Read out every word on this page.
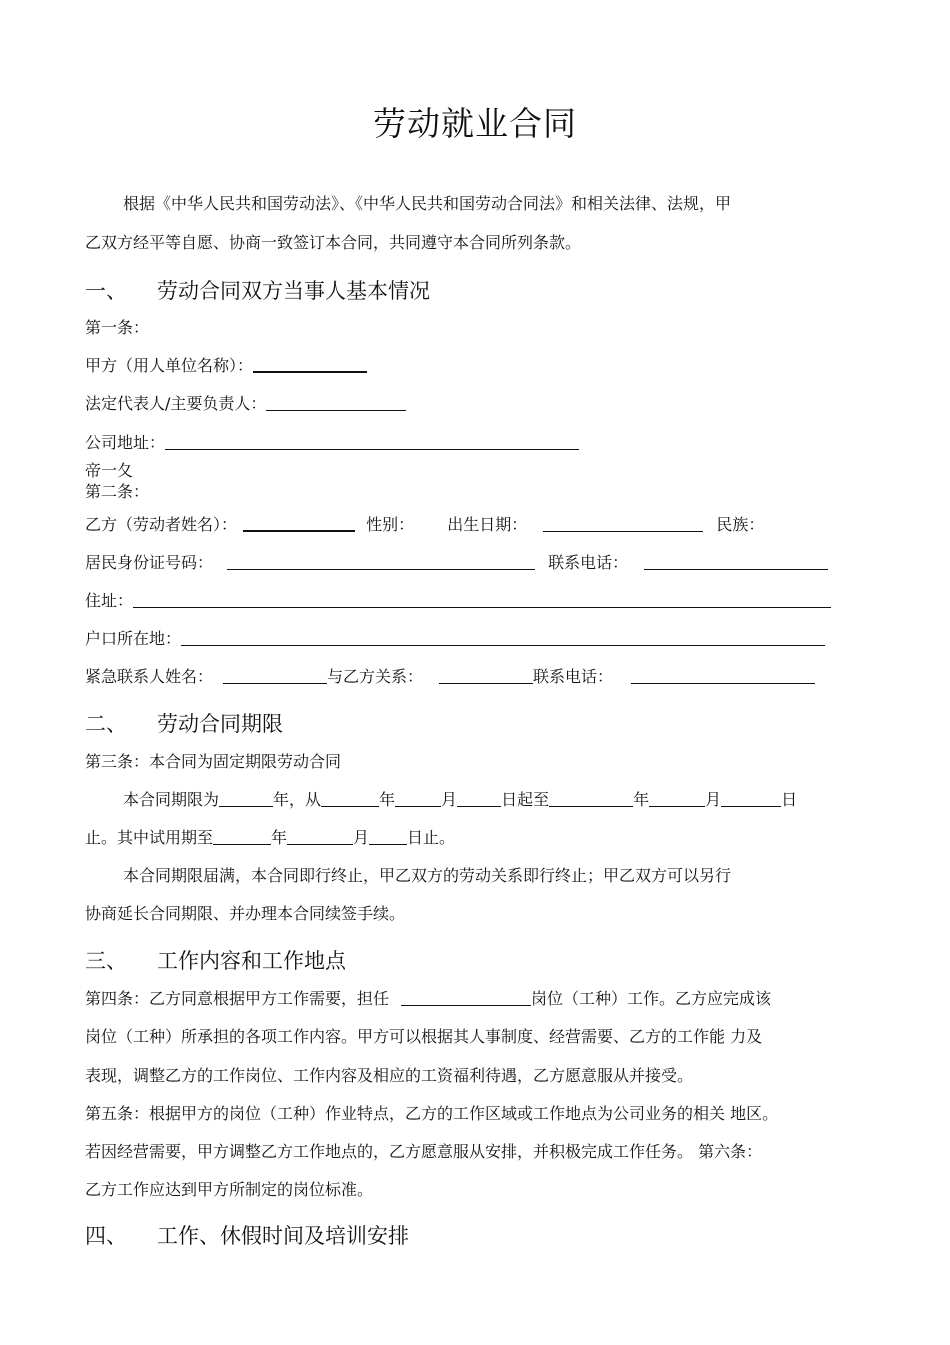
劳动就业合同
根据《中华人民共和国劳动法》、《中华人民共和国劳动合同法》和相关法律、法规，甲
乙双方经平等自愿、协商一致签订本合同，共同遵守本合同所列条款。
一、 劳动合同双方当事人基本情况
第一条：
甲方（用人单位名称）：
法定代表人/主要负责人：
公司地址：
帝一夂
第二条：
乙方（劳动者姓名）：	性别： 出生日期：	民族：
居民身份证号码：	联系电话：
住址：
户口所在地：
紧急联系人姓名：	与乙方关系：	联系电话：
二、 劳动合同期限
第三条：本合同为固定期限劳动合同
本合同期限为	年，从	年	月	日起至	年	月	日
止。其中试用期至	年	月 日止。
本合同期限届满，本合同即行终止，甲乙双方的劳动关系即行终止；甲乙双方可以另行
协商延长合同期限、并办理本合同续签手续。
三、 工作内容和工作地点
第四条：乙方同意根据甲方工作需要，担任	岗位（工种）工作。乙方应完成该
岗位（工种）所承担的各项工作内容。甲方可以根据其人事制度、经营需要、乙方的工作能 力及
表现，调整乙方的工作岗位、工作内容及相应的工资福利待遇，乙方愿意服从并接受。
第五条：根据甲方的岗位（工种）作业特点，乙方的工作区域或工作地点为公司业务的相关 地区。
若因经营需要，甲方调整乙方工作地点的，乙方愿意服从安排，并积极完成工作任务。 第六条：
乙方工作应达到甲方所制定的岗位标准。
四、 工作、休假时间及培训安排
